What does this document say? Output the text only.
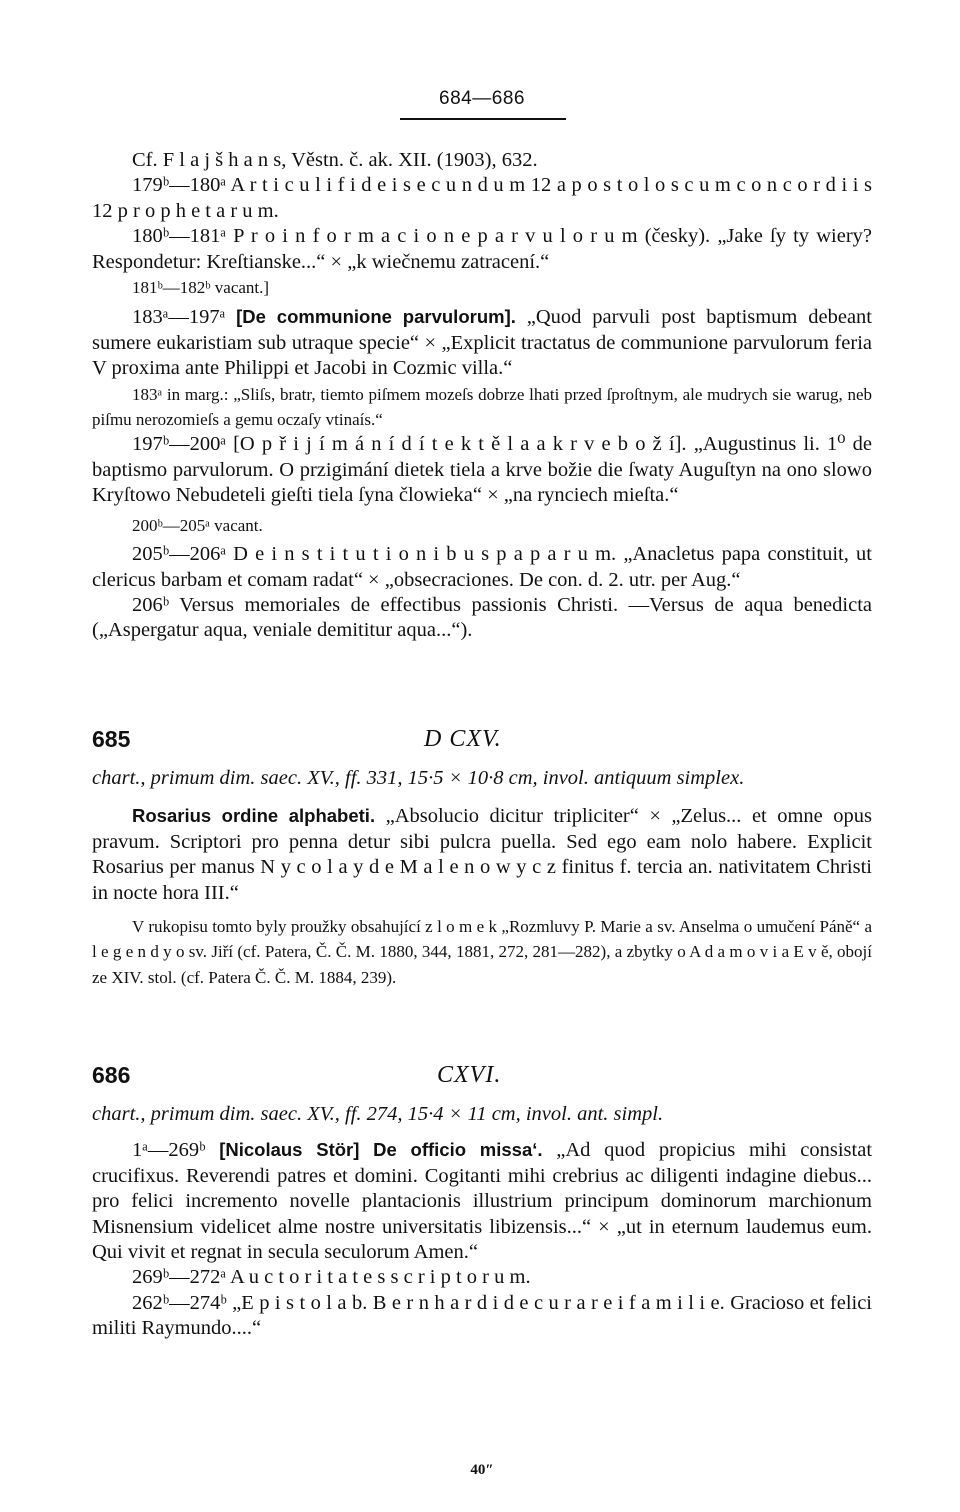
684—686

Cf. F l a j š h a n s, Věstn. č. ak. XII. (1903), 632.

179ᵇ—180ᵃ A r t i c u l i f i d e i s e c u n d u m 12 a p o s t o l o s c u m c o n c o r d i i s 12 p r o p h e t a r u m.

180ᵇ—181ᵃ P r o i n f o r m a c i o n e p a r v u l o r u m (česky). „Jake ſy ty wiery? Respondetur: Kreſtianske...“ × „k wiečnemu zatracení.“

181ᵇ—182ᵇ vacant.]

183ᵃ—197ᵃ [De communione parvulorum]. „Quod parvuli post baptismum debeant sumere eukaristiam sub utraque specie“ × „Explicit tractatus de communione parvulorum feria V proxima ante Philippi et Jacobi in Cozmic villa.“

183ᵃ in marg.: „Sliſs, bratr, tiemto piſmem mozeſs dobrze lhati przed ſproſtnym, ale mudrych sie warug, neb piſmu nerozomieſs a gemu oczaſy vtinaís.“

197ᵇ—200ᵃ [O p ř i j í m á n í d í t e k t ě l a a k r v e b o ž í]. „Augustinus li. 1⁰ de baptismo parvulorum. O przigimání dietek tiela a krve božie die ſwaty Auguſtyn na ono slowo Kryſtowo Nebudeteli gieſti tiela ſyna člowieka“ × „na rynciech mieſta.“

200ᵇ—205ᵃ vacant.

205ᵇ—206ᵃ D e i n s t i t u t i o n i b u s p a p a r u m. „Anacletus papa constituit, ut clericus barbam et comam radat“ × „obsecraciones. De con. d. 2. utr. per Aug.“

206ᵇ Versus memoriales de effectibus passionis Christi. —Versus de aqua benedicta („Aspergatur aqua, veniale demititur aqua...“).

685	D CXV.

chart., primum dim. saec. XV., ff. 331, 15·5 × 10·8 cm, invol. antiquum simplex.

Rosarius ordine alphabeti. „Absolucio dicitur tripliciter“ × „Zelus... et omne opus pravum. Scriptori pro penna detur sibi pulcra puella. Sed ego eam nolo habere. Explicit Rosarius per manus N y c o l a y d e M a l e n o w y c z finitus f. tercia an. nativitatem Christi in nocte hora III.“

V rukopisu tomto byly proužky obsahující z l o m e k „Rozmluvy P. Marie a sv. Anselma o umučení Páně“ a l e g e n d y o sv. Jiří (cf. Patera, Č. Č. M. 1880, 344, 1881, 272, 281—282), a zbytky o A d a m o v i a E v ě, obojí ze XIV. stol. (cf. Patera Č. Č. M. 1884, 239).

686	CXVI.

chart., primum dim. saec. XV., ff. 274, 15·4 × 11 cm, invol. ant. simpl.

1ᵃ—269ᵇ [Nicolaus Stör] De officio missaʻ. „Ad quod propicius mihi consistat crucifixus. Reverendi patres et domini. Cogitanti mihi crebrius ac diligenti indagine diebus... pro felici incremento novelle plantacionis illustrium principum dominorum marchionum Misnensium videlicet alme nostre universitatis libizensis...“ × „ut in eternum laudemus eum. Qui vivit et regnat in secula seculorum Amen.“

269ᵇ—272ᵃ A u c t o r i t a t e s s c r i p t o r u m.

262ᵇ—274ᵇ „E p i s t o l a b. B e r n h a r d i d e c u r a r e i f a m i l i e. Gracioso et felici militi Raymundo....“

40″
